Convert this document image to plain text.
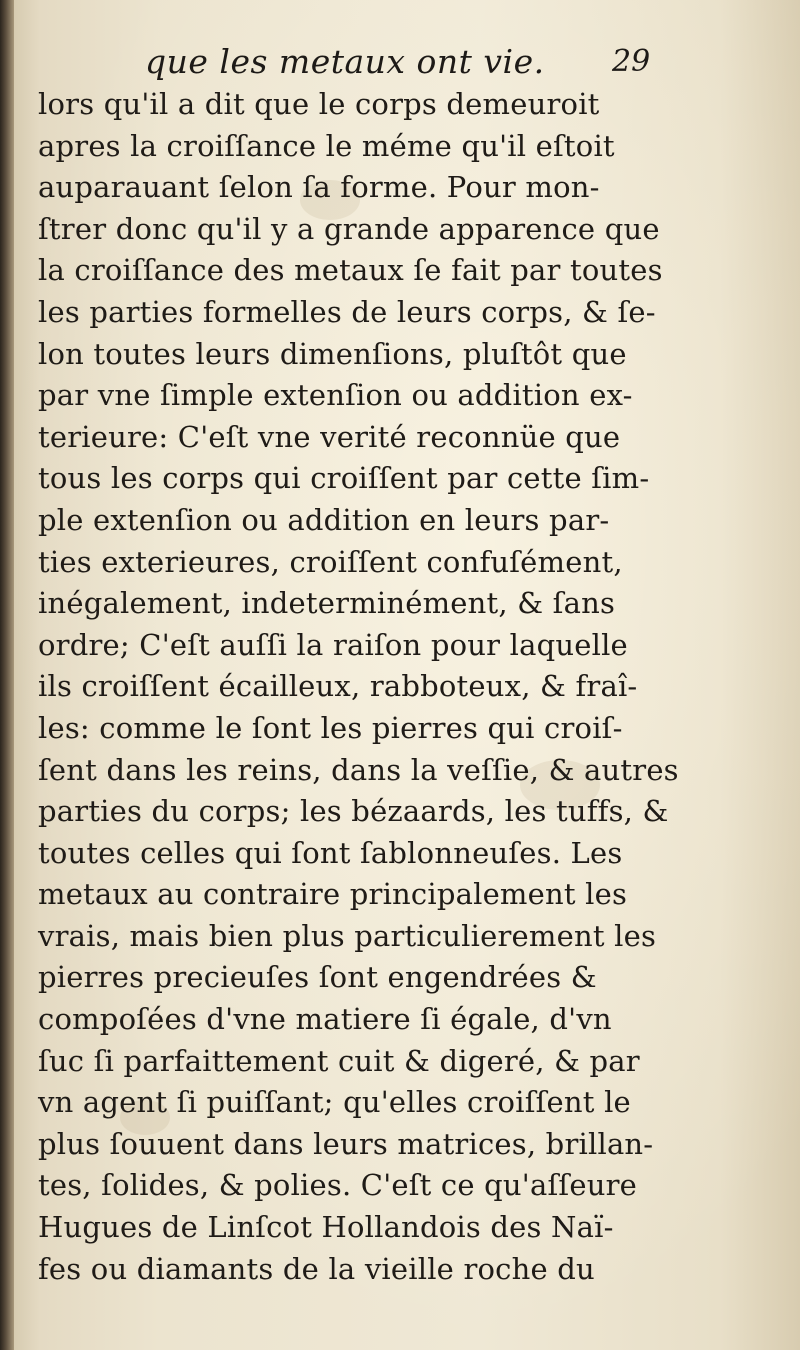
que les metaux ont vie. 29
lors qu'il a dit que le corps demeuroit
apres la croiſſance le méme qu'il eſtoit
auparauant ſelon ſa forme. Pour mon-
ſtrer donc qu'il y a grande apparence que
la croiſſance des metaux ſe fait par toutes
les parties formelles de leurs corps, & ſe-
lon toutes leurs dimenſions, pluſtôt que
par vne ſimple extenſion ou addition ex-
terieure: C'eſt vne verité reconnüe que
tous les corps qui croiſſent par cette ſim-
ple extenſion ou addition en leurs par-
ties exterieures, croiſſent confuſément,
inégalement, indeterminément, & ſans
ordre; C'eſt auſſi la raiſon pour laquelle
ils croiſſent écailleux, rabboteux, & fraî-
les: comme le ſont les pierres qui croiſ-
ſent dans les reins, dans la veſſie, & autres
parties du corps; les bézaards, les tuffs, &
toutes celles qui ſont ſablonneuſes. Les
metaux au contraire principalement les
vrais, mais bien plus particulierement les
pierres precieuſes ſont engendrées &
compoſées d'vne matiere ſi égale, d'vn
ſuc ſi parfaittement cuit & digeré, & par
vn agent ſi puiſſant; qu'elles croiſſent le
plus ſouuent dans leurs matrices, brillan-
tes, ſolides, & polies. C'eſt ce qu'aſſeure
Hugues de Linſcot Hollandois des Naï-
fes ou diamants de la vieille roche du
